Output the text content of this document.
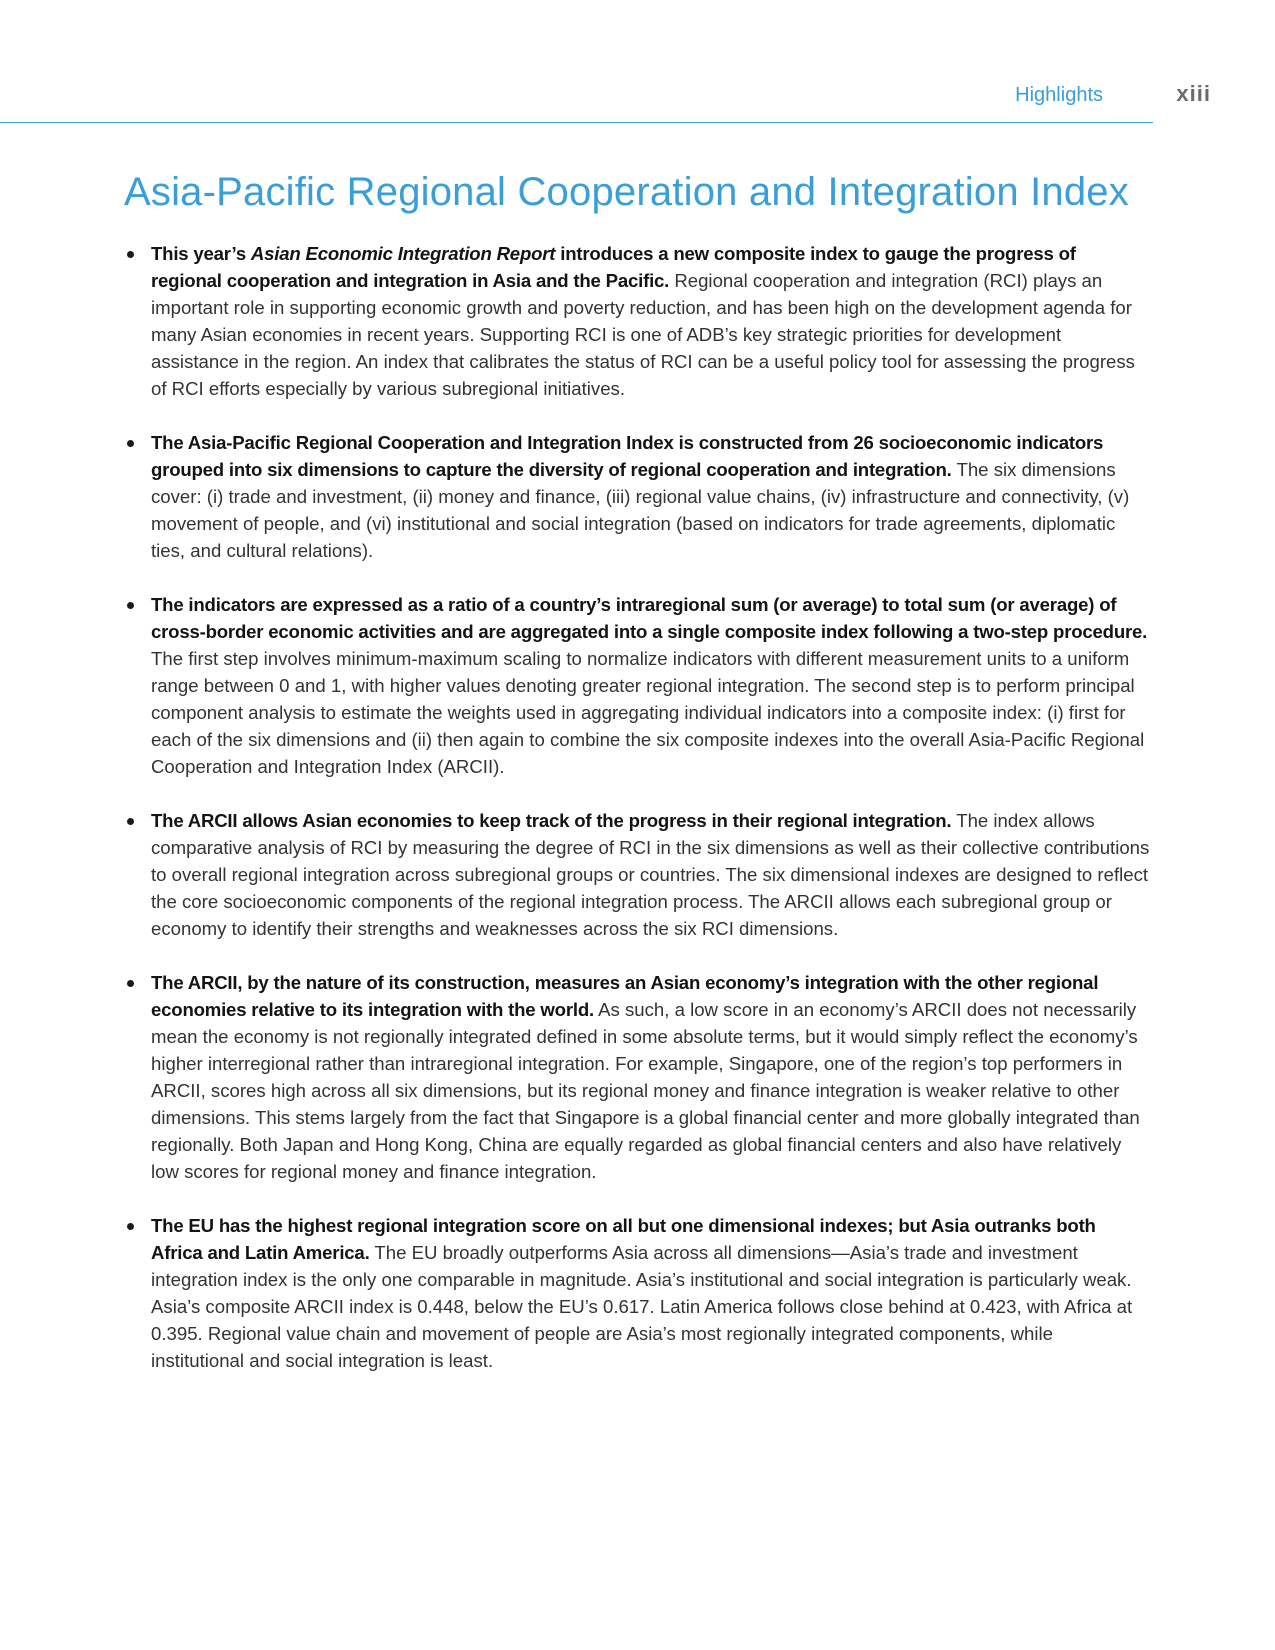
Highlights	xiii
Asia-Pacific Regional Cooperation and Integration Index
This year’s Asian Economic Integration Report introduces a new composite index to gauge the progress of regional cooperation and integration in Asia and the Pacific. Regional cooperation and integration (RCI) plays an important role in supporting economic growth and poverty reduction, and has been high on the development agenda for many Asian economies in recent years. Supporting RCI is one of ADB’s key strategic priorities for development assistance in the region. An index that calibrates the status of RCI can be a useful policy tool for assessing the progress of RCI efforts especially by various subregional initiatives.
The Asia-Pacific Regional Cooperation and Integration Index is constructed from 26 socioeconomic indicators grouped into six dimensions to capture the diversity of regional cooperation and integration. The six dimensions cover: (i) trade and investment, (ii) money and finance, (iii) regional value chains, (iv) infrastructure and connectivity, (v) movement of people, and (vi) institutional and social integration (based on indicators for trade agreements, diplomatic ties, and cultural relations).
The indicators are expressed as a ratio of a country’s intraregional sum (or average) to total sum (or average) of cross-border economic activities and are aggregated into a single composite index following a two-step procedure. The first step involves minimum-maximum scaling to normalize indicators with different measurement units to a uniform range between 0 and 1, with higher values denoting greater regional integration. The second step is to perform principal component analysis to estimate the weights used in aggregating individual indicators into a composite index: (i) first for each of the six dimensions and (ii) then again to combine the six composite indexes into the overall Asia-Pacific Regional Cooperation and Integration Index (ARCII).
The ARCII allows Asian economies to keep track of the progress in their regional integration. The index allows comparative analysis of RCI by measuring the degree of RCI in the six dimensions as well as their collective contributions to overall regional integration across subregional groups or countries. The six dimensional indexes are designed to reflect the core socioeconomic components of the regional integration process. The ARCII allows each subregional group or economy to identify their strengths and weaknesses across the six RCI dimensions.
The ARCII, by the nature of its construction, measures an Asian economy’s integration with the other regional economies relative to its integration with the world. As such, a low score in an economy’s ARCII does not necessarily mean the economy is not regionally integrated defined in some absolute terms, but it would simply reflect the economy’s higher interregional rather than intraregional integration. For example, Singapore, one of the region’s top performers in ARCII, scores high across all six dimensions, but its regional money and finance integration is weaker relative to other dimensions. This stems largely from the fact that Singapore is a global financial center and more globally integrated than regionally. Both Japan and Hong Kong, China are equally regarded as global financial centers and also have relatively low scores for regional money and finance integration.
The EU has the highest regional integration score on all but one dimensional indexes; but Asia outranks both Africa and Latin America. The EU broadly outperforms Asia across all dimensions—Asia’s trade and investment integration index is the only one comparable in magnitude. Asia’s institutional and social integration is particularly weak. Asia’s composite ARCII index is 0.448, below the EU’s 0.617. Latin America follows close behind at 0.423, with Africa at 0.395. Regional value chain and movement of people are Asia’s most regionally integrated components, while institutional and social integration is least.
